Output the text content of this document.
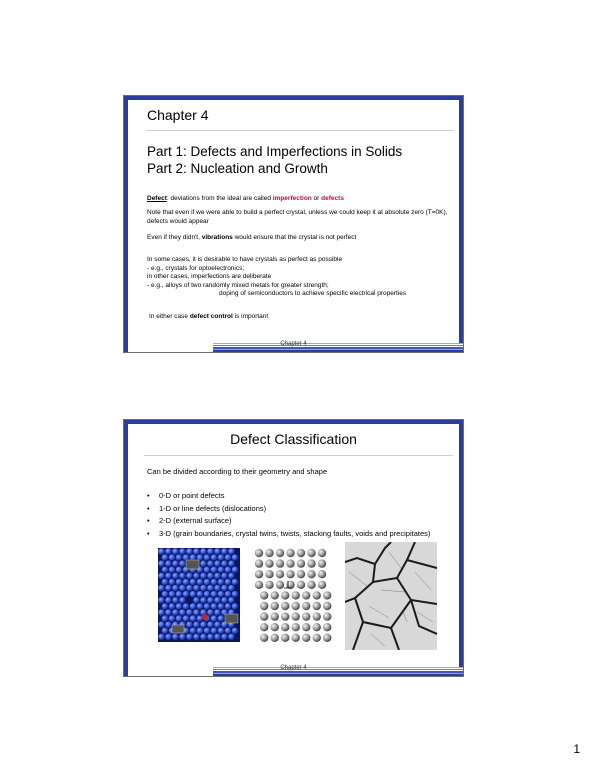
Chapter 4
Part 1: Defects and Imperfections in Solids
Part 2: Nucleation and Growth
Defect: deviations from the ideal are called imperfection or defects
Note that even if we were able to build a perfect crystal, unless we could keep it at absolute zero (T=0K), defects would appear
Even if they didn't, vibrations would ensure that the crystal is not perfect
In some cases, it is desirable to have crystals as perfect as possible
- e.g., crystals for optoelectronics;
in other cases, imperfections are deliberate
- e.g., alloys of two randomly mixed metals for greater strength;
doping of semiconductors to achieve specific electrical properties
In either case defect control is important
Chapter 4
Defect Classification
Can be divided according to their geometry and shape
• 0-D or point defects
• 1-D or line defects (dislocations)
• 2-D (external surface)
• 3-D (grain boundaries, crystal twins, twists, stacking faults, voids and precipitates)
Chapter 4
1
